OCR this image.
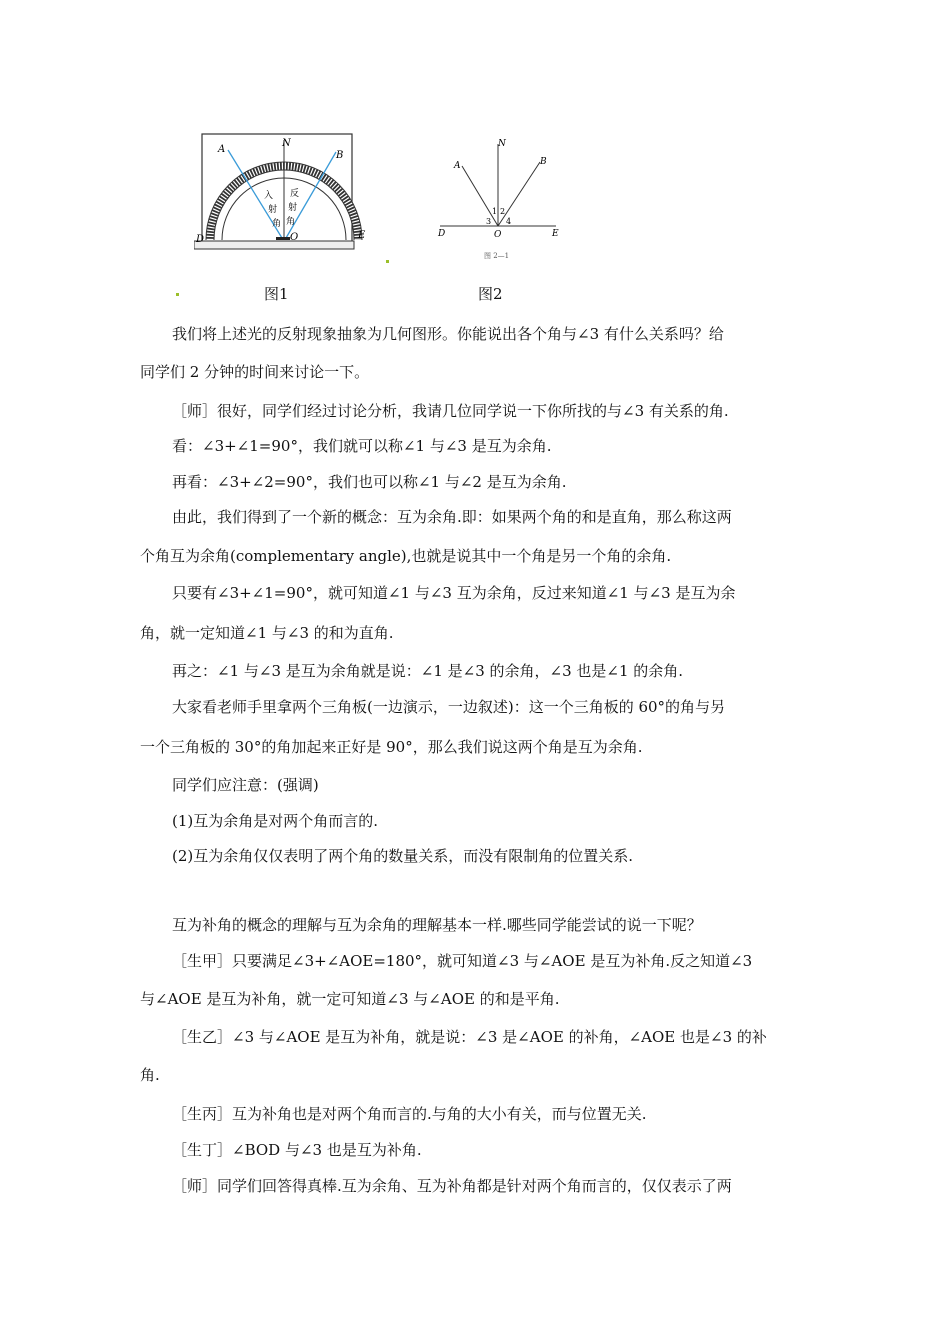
A
N
B
D	O	E
入
射
角
反
射
角
A
N
B
D	O	E
1 2
3 4
图 2—1
图1	图2
我们将上述光的反射现象抽象为几何图形。你能说出各个角与∠3 有什么关系吗？给
同学们 2 分钟的时间来讨论一下。
［师］很好，同学们经过讨论分析，我请几位同学说一下你所找的与∠3 有关系的角.
看：∠3+∠1=90°，我们就可以称∠1 与∠3 是互为余角.
再看：∠3+∠2=90°，我们也可以称∠1 与∠2 是互为余角.
由此，我们得到了一个新的概念：互为余角.即：如果两个角的和是直角，那么称这两
个角互为余角(complementary angle),也就是说其中一个角是另一个角的余角.
只要有∠3+∠1=90°，就可知道∠1 与∠3 互为余角，反过来知道∠1 与∠3 是互为余
角，就一定知道∠1 与∠3 的和为直角.
再之：∠1 与∠3 是互为余角就是说：∠1 是∠3 的余角，∠3 也是∠1 的余角.
大家看老师手里拿两个三角板(一边演示，一边叙述)：这一个三角板的 60°的角与另
一个三角板的 30°的角加起来正好是 90°，那么我们说这两个角是互为余角.
同学们应注意：(强调)
(1)互为余角是对两个角而言的.
(2)互为余角仅仅表明了两个角的数量关系，而没有限制角的位置关系.
互为补角的概念的理解与互为余角的理解基本一样.哪些同学能尝试的说一下呢？
［生甲］只要满足∠3+∠AOE=180°，就可知道∠3 与∠AOE 是互为补角.反之知道∠3
与∠AOE 是互为补角，就一定可知道∠3 与∠AOE 的和是平角.
［生乙］∠3 与∠AOE 是互为补角，就是说：∠3 是∠AOE 的补角，∠AOE 也是∠3 的补
角.
［生丙］互为补角也是对两个角而言的.与角的大小有关，而与位置无关.
［生丁］∠BOD 与∠3 也是互为补角.
［师］同学们回答得真棒.互为余角、互为补角都是针对两个角而言的，仅仅表示了两
